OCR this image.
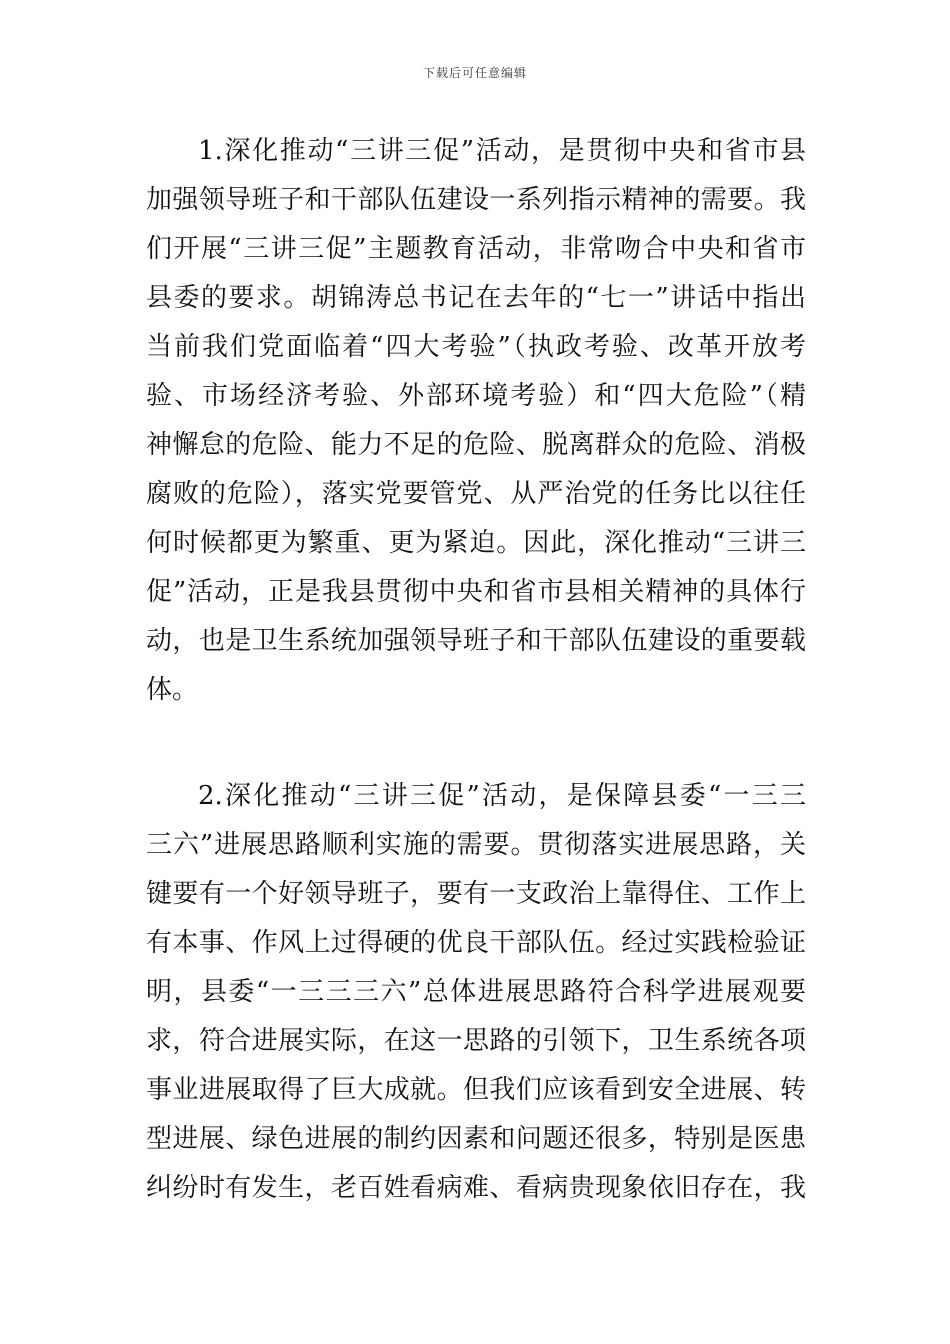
下载后可任意编辑
1.深化推动“三讲三促”活动，是贯彻中央和省市县
加强领导班子和干部队伍建设一系列指示精神的需要。我
们开展“三讲三促”主题教育活动，非常吻合中央和省市
县委的要求。胡锦涛总书记在去年的“七一”讲话中指出
当前我们党面临着“四大考验”（执政考验、改革开放考
验、市场经济考验、外部环境考验）和“四大危险”（精
神懈怠的危险、能力不足的危险、脱离群众的危险、消极
腐败的危险），落实党要管党、从严治党的任务比以往任
何时候都更为繁重、更为紧迫。因此，深化推动“三讲三
促”活动，正是我县贯彻中央和省市县相关精神的具体行
动，也是卫生系统加强领导班子和干部队伍建设的重要载
体。
2.深化推动“三讲三促”活动，是保障县委“一三三
三六”进展思路顺利实施的需要。贯彻落实进展思路，关
键要有一个好领导班子，要有一支政治上靠得住、工作上
有本事、作风上过得硬的优良干部队伍。经过实践检验证
明，县委“一三三三六”总体进展思路符合科学进展观要
求，符合进展实际，在这一思路的引领下，卫生系统各项
事业进展取得了巨大成就。但我们应该看到安全进展、转
型进展、绿色进展的制约因素和问题还很多，特别是医患
纠纷时有发生，老百姓看病难、看病贵现象依旧存在，我
